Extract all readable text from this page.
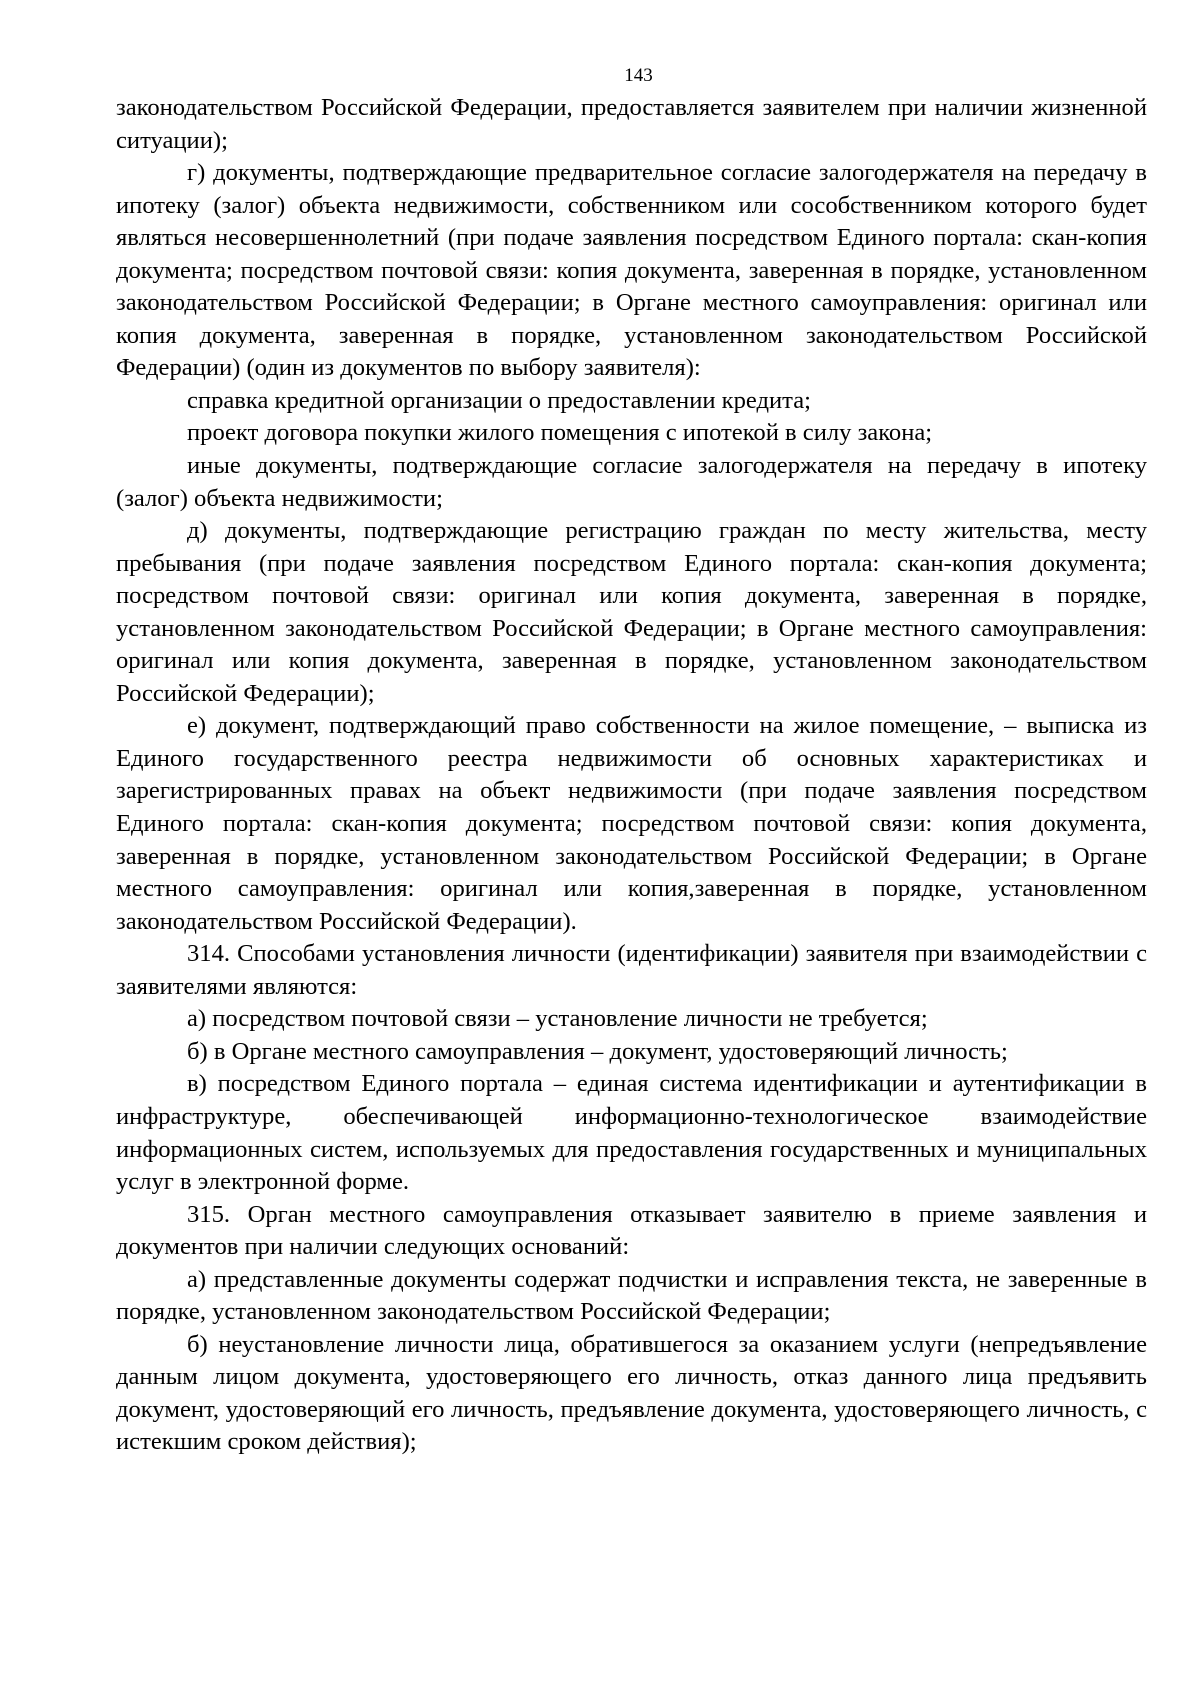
143

законодательством Российской Федерации, предоставляется заявителем при наличии жизненной ситуации);

г) документы, подтверждающие предварительное согласие залогодержателя на передачу в ипотеку (залог) объекта недвижимости, собственником или сособственником которого будет являться несовершеннолетний (при подаче заявления посредством Единого портала: скан-копия документа; посредством почтовой связи: копия документа, заверенная в порядке, установленном законодательством Российской Федерации; в Органе местного самоуправления: оригинал или копия документа, заверенная в порядке, установленном законодательством Российской Федерации) (один из документов по выбору заявителя):

справка кредитной организации о предоставлении кредита;

проект договора покупки жилого помещения с ипотекой в силу закона;

иные документы, подтверждающие согласие залогодержателя на передачу в ипотеку (залог) объекта недвижимости;

д) документы, подтверждающие регистрацию граждан по месту жительства, месту пребывания (при подаче заявления посредством Единого портала: скан-копия документа; посредством почтовой связи: оригинал или копия документа, заверенная в порядке, установленном законодательством Российской Федерации; в Органе местного самоуправления: оригинал или копия документа, заверенная в порядке, установленном законодательством Российской Федерации);

е) документ, подтверждающий право собственности на жилое помещение, – выписка из Единого государственного реестра недвижимости об основных характеристиках и зарегистрированных правах на объект недвижимости (при подаче заявления посредством Единого портала: скан-копия документа; посредством почтовой связи: копия документа, заверенная в порядке, установленном законодательством Российской Федерации; в Органе местного самоуправления: оригинал или копия,заверенная в порядке, установленном законодательством Российской Федерации).

314. Способами установления личности (идентификации) заявителя при взаимодействии с заявителями являются:

а) посредством почтовой связи – установление личности не требуется;

б) в Органе местного самоуправления – документ, удостоверяющий личность;

в) посредством Единого портала – единая система идентификации и аутентификации в инфраструктуре, обеспечивающей информационно-технологическое взаимодействие информационных систем, используемых для предоставления государственных и муниципальных услуг в электронной форме.

315. Орган местного самоуправления отказывает заявителю в приеме заявления и документов при наличии следующих оснований:

а) представленные документы содержат подчистки и исправления текста, не заверенные в порядке, установленном законодательством Российской Федерации;

б) неустановление личности лица, обратившегося за оказанием услуги (непредъявление данным лицом документа, удостоверяющего его личность, отказ данного лица предъявить документ, удостоверяющий его личность, предъявление документа, удостоверяющего личность, с истекшим сроком действия);
